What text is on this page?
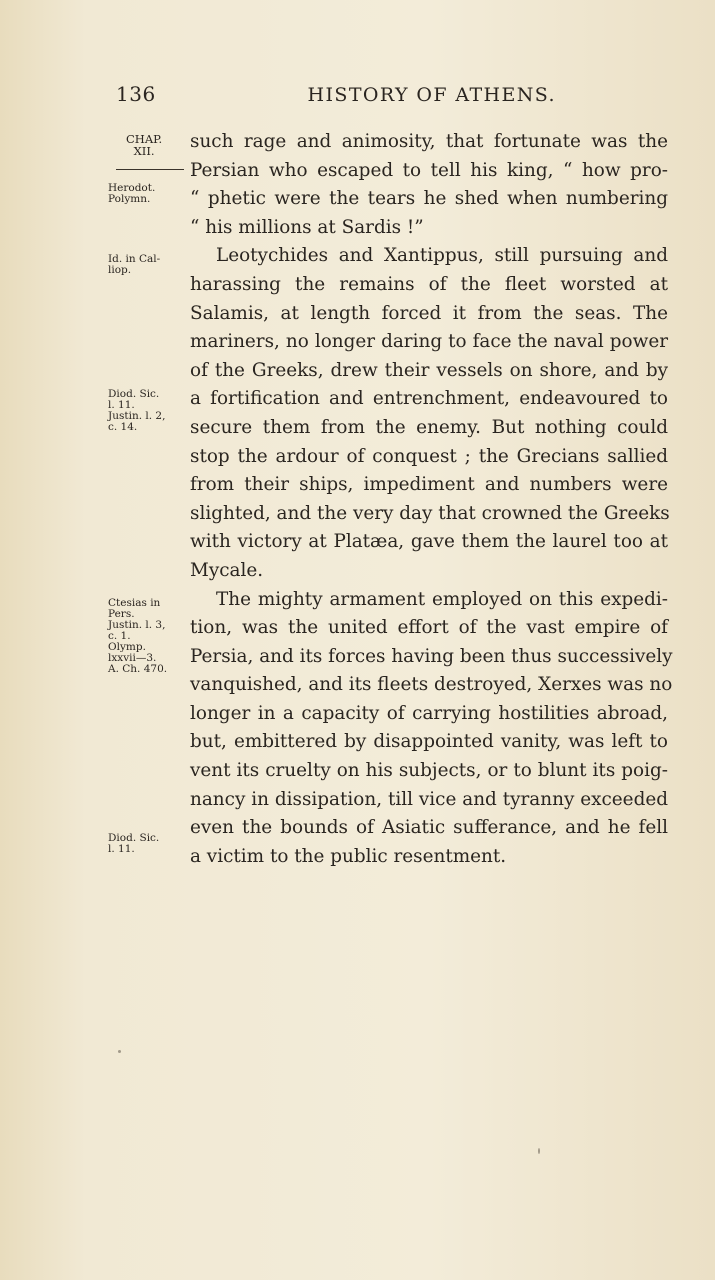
136	HISTORY OF ATHENS.
CHAP.
XII.
Herodot.
Polymn.
Id. in Cal-
liop.
Diod. Sic.
l. 11.
Justin. l. 2,
c. 14.
Ctesias in
Pers.
Justin. l. 3,
c. 1.
Olymp.
lxxvii—3.
A. Ch. 470.
Diod. Sic.
l. 11.
such rage and animosity, that fortunate was the
Persian who escaped to tell his king, “ how pro-
“ phetic were the tears he shed when numbering
“ his millions at Sardis !”
Leotychides and Xantippus, still pursuing and
harassing the remains of the fleet worsted at
Salamis, at length forced it from the seas. The
mariners, no longer daring to face the naval power
of the Greeks, drew their vessels on shore, and by
a fortification and entrenchment, endeavoured to
secure them from the enemy. But nothing could
stop the ardour of conquest ; the Grecians sallied
from their ships, impediment and numbers were
slighted, and the very day that crowned the Greeks
with victory at Platæa, gave them the laurel too at
Mycale.
The mighty armament employed on this expedi-
tion, was the united effort of the vast empire of
Persia, and its forces having been thus successively
vanquished, and its fleets destroyed, Xerxes was no
longer in a capacity of carrying hostilities abroad,
but, embittered by disappointed vanity, was left to
vent its cruelty on his subjects, or to blunt its poig-
nancy in dissipation, till vice and tyranny exceeded
even the bounds of Asiatic sufferance, and he fell
a victim to the public resentment.
